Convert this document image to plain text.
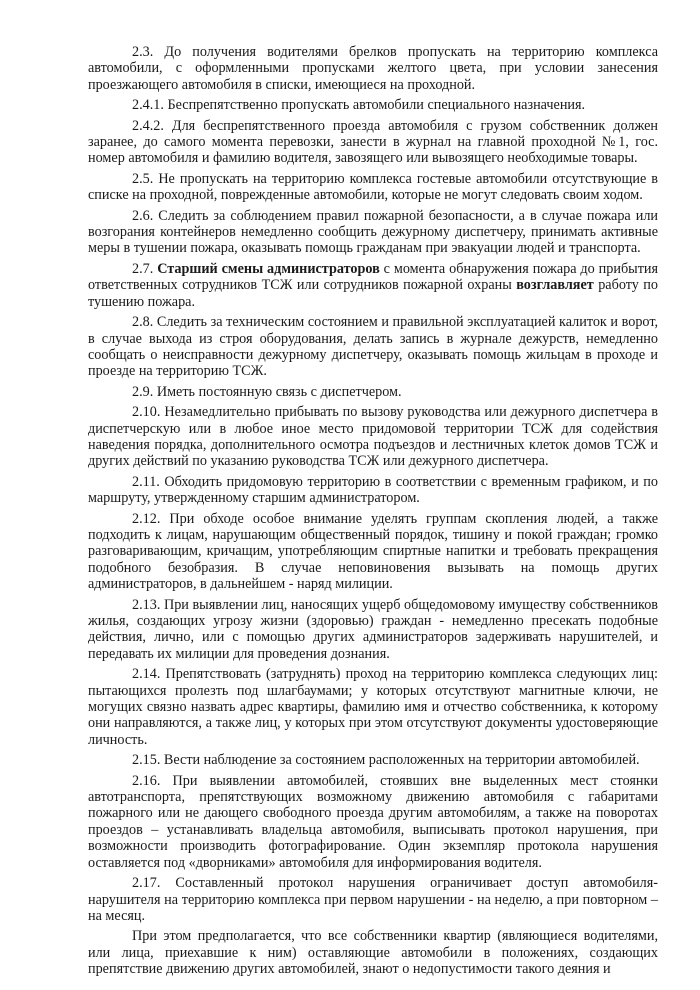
2.3. До получения водителями брелков пропускать на территорию комплекса автомобили, с оформленными пропусками желтого цвета, при условии занесения проезжающего автомобиля в списки, имеющиеся на проходной.

2.4.1. Беспрепятственно пропускать автомобили специального назначения.

2.4.2. Для беспрепятственного проезда автомобиля с грузом собственник должен заранее, до самого момента перевозки, занести в журнал на главной проходной №1, гос. номер автомобиля и фамилию водителя, завозящего или вывозящего необходимые товары.

2.5. Не пропускать на территорию комплекса гостевые автомобили отсутствующие в списке на проходной, поврежденные автомобили, которые не могут следовать своим ходом.

2.6. Следить за соблюдением правил пожарной безопасности, а в случае пожара или возгорания контейнеров немедленно сообщить дежурному диспетчеру, принимать активные меры в тушении пожара, оказывать помощь гражданам при эвакуации людей и транспорта.

2.7. Старший смены администраторов с момента обнаружения пожара до прибытия ответственных сотрудников ТСЖ или сотрудников пожарной охраны возглавляет работу по тушению пожара.

2.8. Следить за техническим состоянием и правильной эксплуатацией калиток и ворот, в случае выхода из строя оборудования, делать запись в журнале дежурств, немедленно сообщать о неисправности дежурному диспетчеру, оказывать помощь жильцам в проходе и проезде на территорию ТСЖ.

2.9. Иметь постоянную связь с диспетчером.

2.10. Незамедлительно прибывать по вызову руководства или дежурного диспетчера в диспетчерскую или в любое иное место придомовой территории ТСЖ для содействия наведения порядка, дополнительного осмотра подъездов и лестничных клеток домов ТСЖ и других действий по указанию руководства ТСЖ или дежурного диспетчера.

2.11. Обходить придомовую территорию в соответствии с временным графиком, и по маршруту, утвержденному старшим администратором.

2.12. При обходе особое внимание уделять группам скопления людей, а также подходить к лицам, нарушающим общественный порядок, тишину и покой граждан; громко разговаривающим, кричащим, употребляющим спиртные напитки и требовать прекращения подобного безобразия. В случае неповиновения вызывать на помощь других администраторов, в дальнейшем - наряд милиции.

2.13. При выявлении лиц, наносящих ущерб общедомовому имуществу собственников жилья, создающих угрозу жизни (здоровью) граждан - немедленно пресекать подобные действия, лично, или с помощью других администраторов задерживать нарушителей, и передавать их милиции для проведения дознания.

2.14. Препятствовать (затруднять) проход на территорию комплекса следующих лиц: пытающихся пролезть под шлагбаумами; у которых отсутствуют магнитные ключи, не могущих связно назвать адрес квартиры, фамилию имя и отчество собственника, к которому они направляются, а также лиц, у которых при этом отсутствуют документы удостоверяющие личность.

2.15. Вести наблюдение за состоянием расположенных на территории автомобилей.

2.16. При выявлении автомобилей, стоявших вне выделенных мест стоянки автотранспорта, препятствующих возможному движению автомобиля с габаритами пожарного или не дающего свободного проезда другим автомобилям, а также на поворотах проездов – устанавливать владельца автомобиля, выписывать протокол нарушения, при возможности производить фотографирование. Один экземпляр протокола нарушения оставляется под «дворниками» автомобиля для информирования водителя.

2.17. Составленный протокол нарушения ограничивает доступ автомобиля-нарушителя на территорию комплекса при первом нарушении - на неделю, а при повторном – на месяц.

При этом предполагается, что все собственники квартир (являющиеся водителями, или лица, приехавшие к ним) оставляющие автомобили в положениях, создающих препятствие движению других автомобилей, знают о недопустимости такого деяния и
